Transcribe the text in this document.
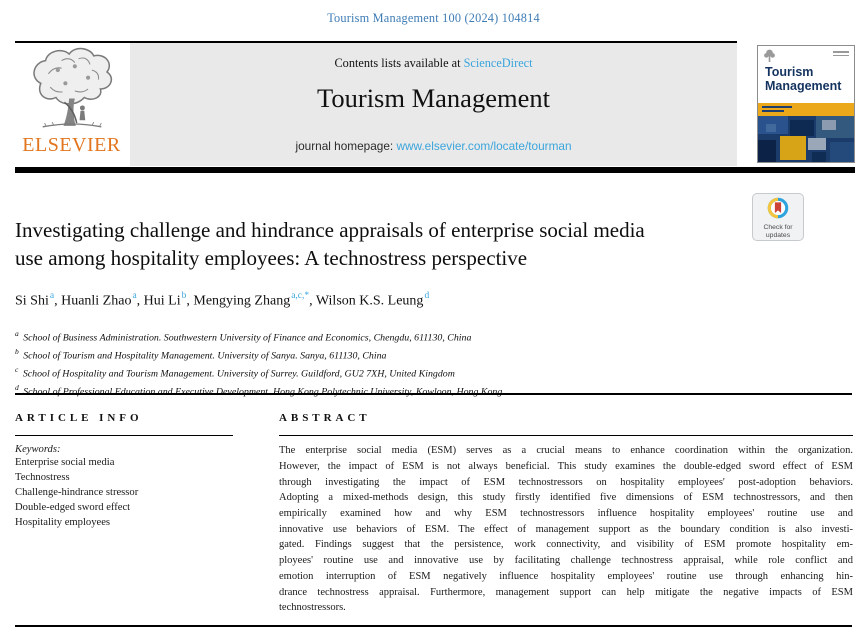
Tourism Management 100 (2024) 104814
ELSEVIER
Contents lists available at ScienceDirect
Tourism Management
journal homepage: www.elsevier.com/locate/tourman
Tourism
Management
Investigating challenge and hindrance appraisals of enterprise social media
use among hospitality employees: A technostress perspective
Check for
updates
Si Shi$^a$, Huanli Zhao$^a$, Hui Li$^b$, Mengying Zhang$^{a,c,*}$, Wilson K.S. Leung$^d$
$^a$ School of Business Administration. Southwestern University of Finance and Economics, Chengdu, 611130, China
$^b$ School of Tourism and Hospitality Management. University of Sanya. Sanya, 611130, China
$^c$ School of Hospitality and Tourism Management. University of Surrey. Guildford, GU2 7XH, United Kingdom
$^d$
ARTICLE INFO
Keywords:
Enterprise social media
Technostress
Challenge-hindrance stressor
Double-edged sword effect
Hospitality employees
ABSTRACT
The enterprise social media (ESM) serves as a crucial means to enhance coordination within the organization.
However, the impact of ESM is not always beneficial. This study examines the double-edged sword effect of ESM
through investigating the impact of ESM technostressors on hospitality employees' post-adoption behaviors.
Adopting a mixed-methods design, this study firstly identified five dimensions of ESM technostressors, and then
empirically examined how and why ESM technostressors influence hospitality employees' routine use and
innovative use behaviors of ESM. The effect of management support as the boundary condition is also investi-
gated. Findings suggest that the persistence, work connectivity, and visibility of ESM promote hospitality em-
ployees' routine use and innovative use by facilitating challenge technostress appraisal, while role conflict and
emotion interruption of ESM negatively influence hospitality employees' routine use through enhancing hin-
drance technostress appraisal. Furthermore, management support can help mitigate the negative impacts of ESM
technostressors.
